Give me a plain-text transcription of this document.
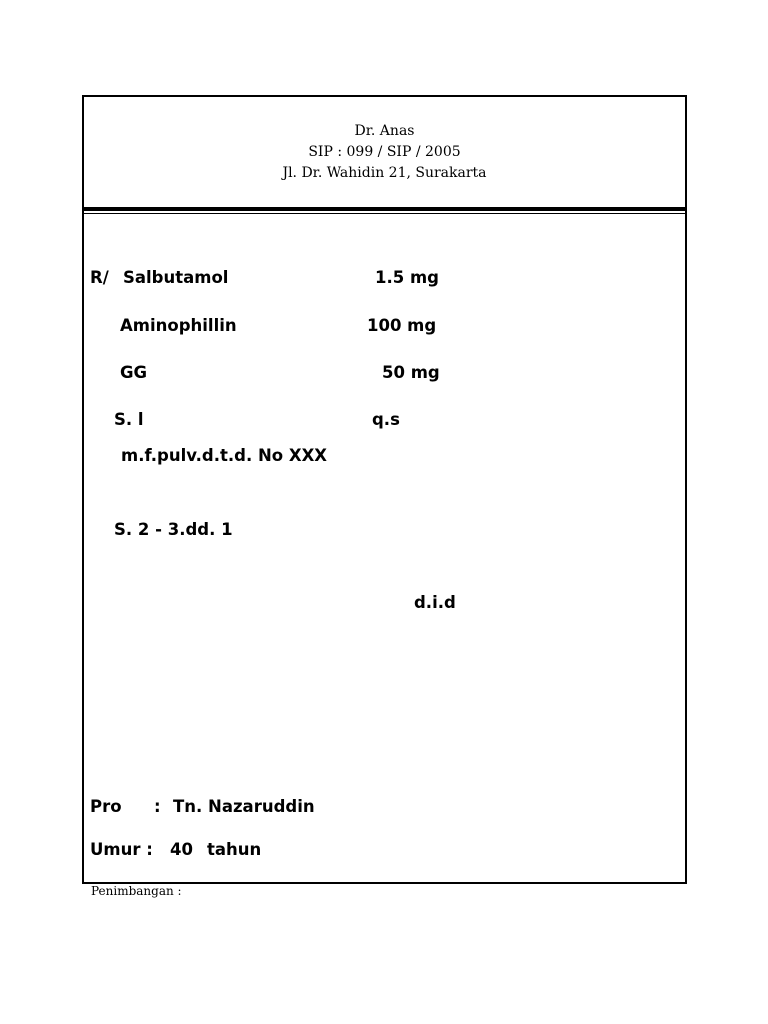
Dr. Anas
SIP : 099 / SIP / 2005
Jl. Dr. Wahidin 21, Surakarta
R/ Salbutamol	1.5 mg
Aminophillin	100 mg
GG	50 mg
S. l	q.s
m.f.pulv.d.t.d. No XXX
S. 2 - 3.dd. 1
d.i.d
Pro : Tn. Nazaruddin
Umur : 40 tahun
Penimbangan :
